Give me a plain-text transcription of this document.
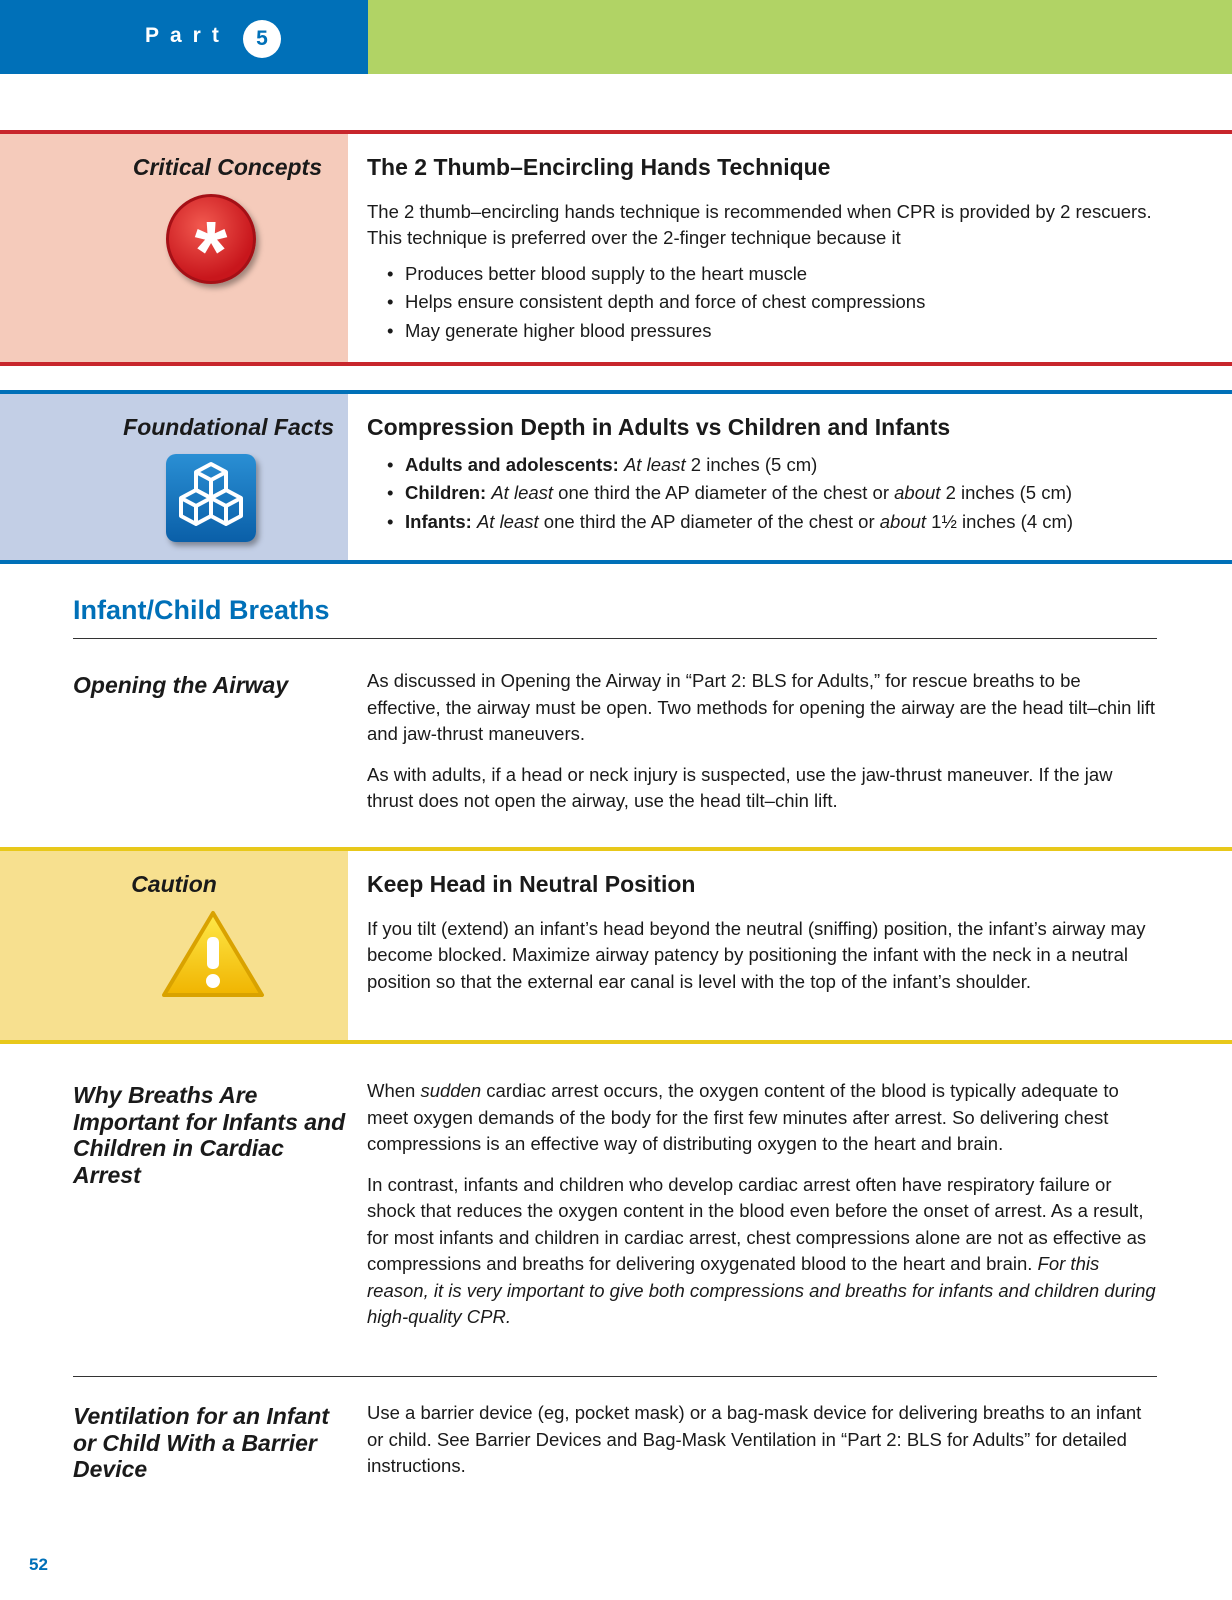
Part	5
Critical Concepts
*
The 2 Thumb–Encircling Hands Technique

The 2 thumb–encircling hands technique is recommended when CPR is provided by 2 rescuers. This technique is preferred over the 2-finger technique because it

• Produces better blood supply to the heart muscle
• Helps ensure consistent depth and force of chest compressions
• May generate higher blood pressures
Foundational Facts	Compression Depth in Adults vs Children and Infants
• Adults and adolescents: At least 2 inches (5 cm)
• Children: At least one third the AP diameter of the chest or about 2 inches (5 cm)
• Infants: At least one third the AP diameter of the chest or about 1½ inches (4 cm)
Infant/Child Breaths
Opening the Airway	As discussed in Opening the Airway in “Part 2: BLS for Adults,” for rescue breaths to be effective, the airway must be open. Two methods for opening the airway are the head tilt–chin lift and jaw-thrust maneuvers.

As with adults, if a head or neck injury is suspected, use the jaw-thrust maneuver. If the jaw thrust does not open the airway, use the head tilt–chin lift.

Caution	Keep Head in Neutral Position

If you tilt (extend) an infant’s head beyond the neutral (sniffing) position, the infant’s airway may become blocked. Maximize airway patency by positioning the infant with the neck in a neutral position so that the external ear canal is level with the top of the infant’s shoulder.

Why Breaths Are Important for Infants and Children in Cardiac Arrest

When sudden cardiac arrest occurs, the oxygen content of the blood is typically adequate to meet oxygen demands of the body for the first few minutes after arrest. So delivering chest compressions is an effective way of distributing oxygen to the heart and brain.

In contrast, infants and children who develop cardiac arrest often have respiratory failure or shock that reduces the oxygen content in the blood even before the onset of arrest. As a result, for most infants and children in cardiac arrest, chest compressions alone are not as effective as compressions and breaths for delivering oxygenated blood to the heart and brain. For this reason, it is very important to give both compressions and breaths for infants and children during high-quality CPR.

Ventilation for an Infant or Child With a Barrier Device

Use a barrier device (eg, pocket mask) or a bag-mask device for delivering breaths to an infant or child. See Barrier Devices and Bag-Mask Ventilation in “Part 2: BLS for Adults” for detailed instructions.

52
